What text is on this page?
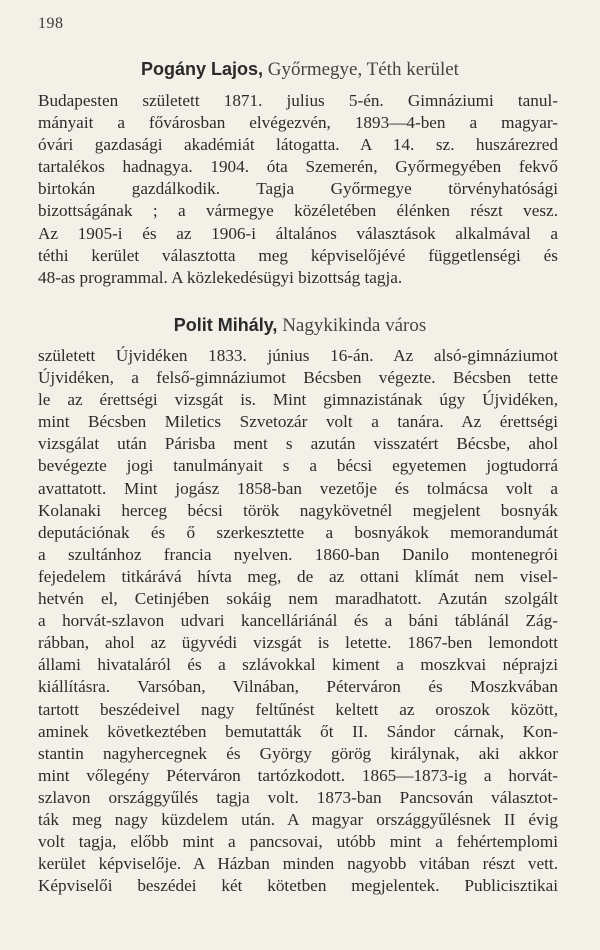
198
Pogány Lajos, Győrmegye, Téth kerület
Budapesten született 1871. julius 5-én. Gimnáziumi tanul-
mányait a fővárosban elvégezvén, 1893—4-ben a magyar-
óvári gazdasági akadémiát látogatta. A 14. sz. huszárezred
tartalékos hadnagya. 1904. óta Szemerén, Győrmegyében fekvő
birtokán gazdálkodik. Tagja Győrmegye törvényhatósági
bizottságának ; a vármegye közéletében élénken részt vesz.
Az 1905-i és az 1906-i általános választások alkalmával a
téthi kerület választotta meg képviselőjévé függetlenségi és
48-as programmal. A közlekedésügyi bizottság tagja.
Polit Mihály, Nagykikinda város
született Újvidéken 1833. június 16-án. Az alsó-gimnáziumot
Újvidéken, a felső-gimnáziumot Bécsben végezte. Bécsben tette
le az érettségi vizsgát is. Mint gimnazistának úgy Újvidéken,
mint Bécsben Miletics Szvetozár volt a tanára. Az érettségi
vizsgálat után Párisba ment s azután visszatért Bécsbe, ahol
bevégezte jogi tanulmányait s a bécsi egyetemen jogtudorrá
avattatott. Mint jogász 1858-ban vezetője és tolmácsa volt a
Kolanaki herceg bécsi török nagykövetnél megjelent bosnyák
deputációnak és ő szerkesztette a bosnyákok memorandumát
a szultánhoz francia nyelven. 1860-ban Danilo montenegrói
fejedelem titkárává hívta meg, de az ottani klímát nem visel-
hetvén el, Cetinjében sokáig nem maradhatott. Azután szolgált
a horvát-szlavon udvari kancelláriánál és a báni táblánál Zág-
rábban, ahol az ügyvédi vizsgát is letette. 1867-ben lemondott
állami hivataláról és a szlávokkal kiment a moszkvai néprajzi
kiállításra. Varsóban, Vilnában, Péterváron és Moszkvában
tartott beszédeivel nagy feltűnést keltett az oroszok között,
aminek következtében bemutatták őt II. Sándor cárnak, Kon-
stantin nagyhercegnek és György görög királynak, aki akkor
mint vőlegény Péterváron tartózkodott. 1865—1873-ig a horvát-
szlavon országgyűlés tagja volt. 1873-ban Pancsován választot-
ták meg nagy küzdelem után. A magyar országgyűlésnek II évig
volt tagja, előbb mint a pancsovai, utóbb mint a fehértemplomi
kerület képviselője. A Házban minden nagyobb vitában részt vett.
Képviselői beszédei két kötetben megjelentek. Publicisztikai
